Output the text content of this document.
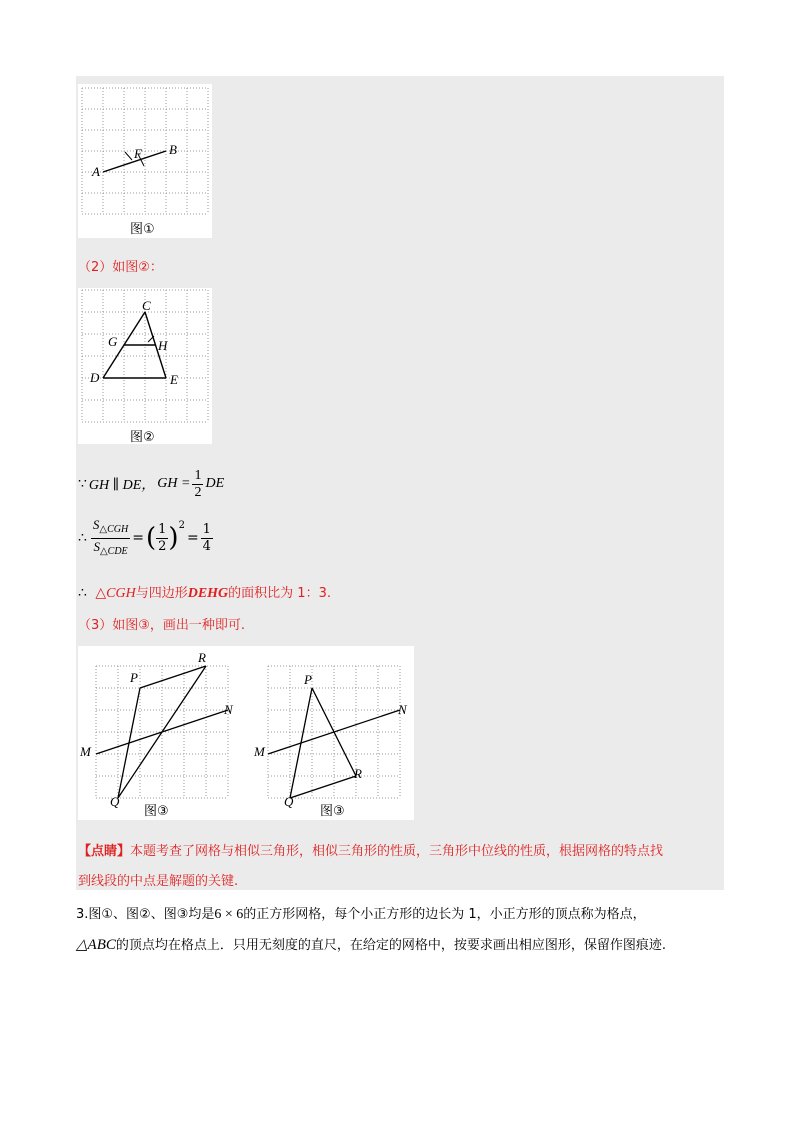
A
B
F
图①
（2）如图②：
C
G	H
D	E
图②
∵ GH ∥ DE， GH = $\frac{1}{2}$ DE
∴ $\frac{S_{\triangle CGH}}{S_{\triangle CDE}}$ = ( $\frac{1}{2}$ ) 2
= $\frac{1}{4}$
∴ △CGH与四边形DEHG的面积比为 1：3.
（3）如图③，画出一种即可.
P
R
N
M
Q
图③
P
R
N
M
Q
图③
【点睛】本题考查了网格与相似三角形，相似三角形的性质，三角形中位线的性质，根据网格的特点找
到线段的中点是解题的关键.
3.图①、图②、图③均是6 × 6的正方形网格，每个小正方形的边长为 1，小正方形的顶点称为格点，
△ABC的顶点均在格点上．只用无刻度的直尺，在给定的网格中，按要求画出相应图形，保留作图痕迹.
